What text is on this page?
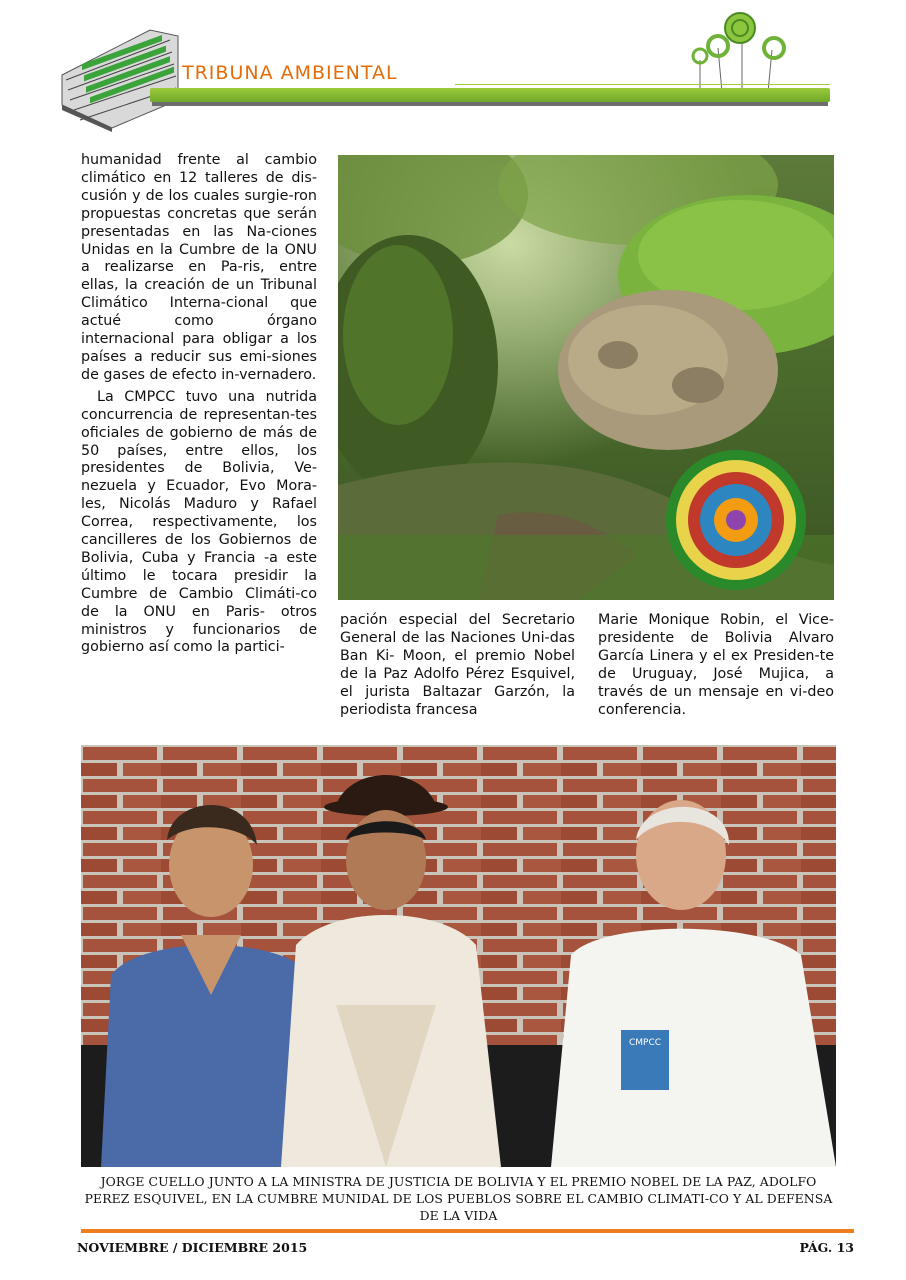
TRIBUNA AMBIENTAL

humanidad frente al cambio climático en 12 talleres de dis-cusión y de los cuales surgie-ron propuestas concretas que serán presentadas en las Na-ciones Unidas en la Cumbre de la ONU a realizarse en Pa-ris, entre ellas, la creación de un Tribunal Climático Interna-cional que actué como órgano internacional para obligar a los países a reducir sus emi-siones de gases de efecto in-vernadero.

La CMPCC tuvo una nutrida concurrencia de representan-tes oficiales de gobierno de más de 50 países, entre ellos, los presidentes de Bolivia, Ve-nezuela y Ecuador, Evo Mora-les, Nicolás Maduro y Rafael Correa, respectivamente, los cancilleres de los Gobiernos de Bolivia, Cuba y Francia -a este último le tocara presidir la Cumbre de Cambio Climáti-co de la ONU en Paris- otros ministros y funcionarios de gobierno así como la partici-

pación especial del Secretario General de las Naciones Uni-das Ban Ki- Moon, el premio Nobel de la Paz Adolfo Pérez Esquivel, el jurista Baltazar Garzón, la periodista francesa

Marie Monique Robin, el Vice-presidente de Bolivia Alvaro García Linera y el ex Presiden-te de Uruguay, José Mujica, a través de un mensaje en vi-deo conferencia.

CMPCC
JORGE CUELLO JUNTO A LA MINISTRA DE JUSTICIA DE BOLIVIA Y EL PREMIO NOBEL DE LA PAZ, ADOLFO PEREZ ESQUIVEL, EN LA CUMBRE MUNIDAL DE LOS PUEBLOS SOBRE EL CAMBIO CLIMATI-CO Y AL DEFENSA DE LA VIDA
NOVIEMBRE / DICIEMBRE 2015	PÁG. 13
